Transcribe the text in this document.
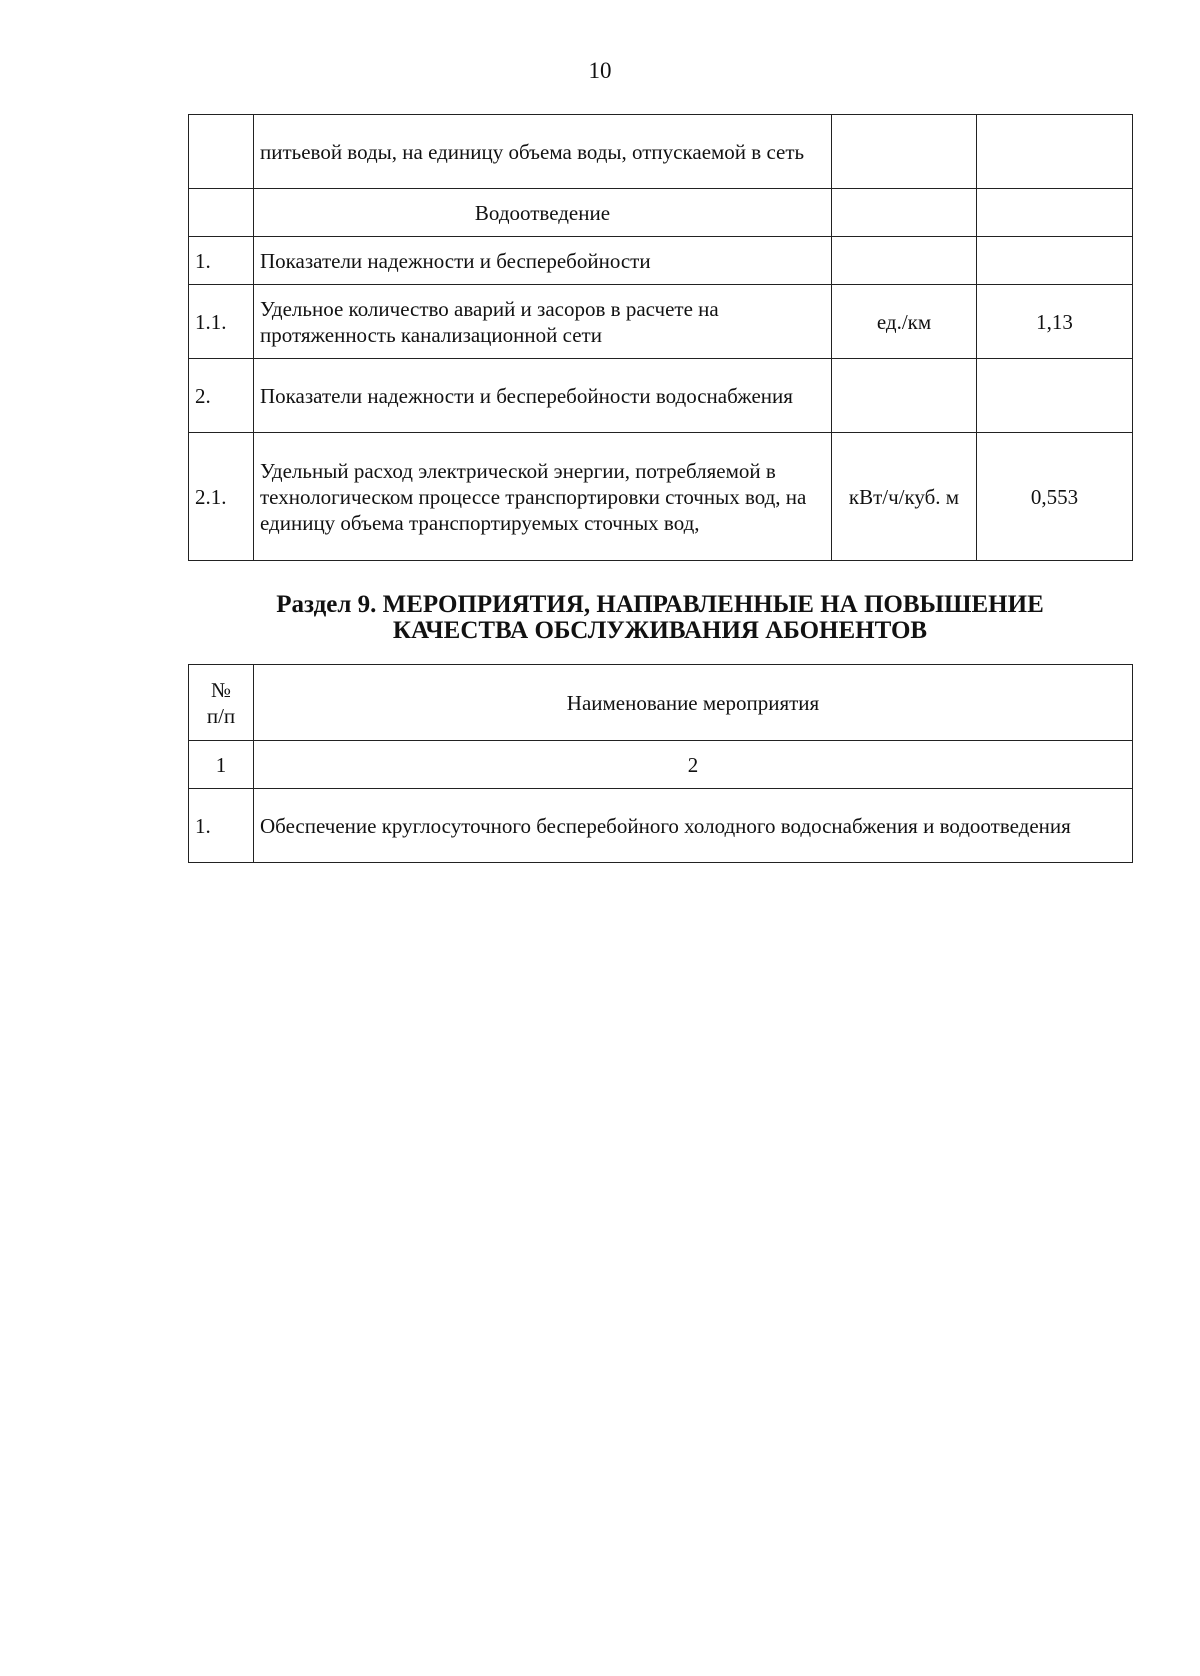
10
	питьевой воды, на единицу объема воды, отпускаемой в сеть		
	Водоотведение		
1.	Показатели надежности и бесперебойности		
1.1.	Удельное количество аварий и засоров в расчете на протяженность канализационной сети	ед./км	1,13
2.	Показатели надежности и бесперебойности водоснабжения		
2.1.	Удельный расход электрической энергии, потребляемой в технологическом процессе транспортировки сточных вод, на единицу объема транспортируемых сточных вод,	кВт/ч/куб. м	0,553
Раздел 9. МЕРОПРИЯТИЯ, НАПРАВЛЕННЫЕ НА ПОВЫШЕНИЕ
КАЧЕСТВА ОБСЛУЖИВАНИЯ АБОНЕНТОВ
№
п/п	Наименование мероприятия
1	2
1.	Обеспечение круглосуточного бесперебойного холодного водоснабжения и водоотведения
